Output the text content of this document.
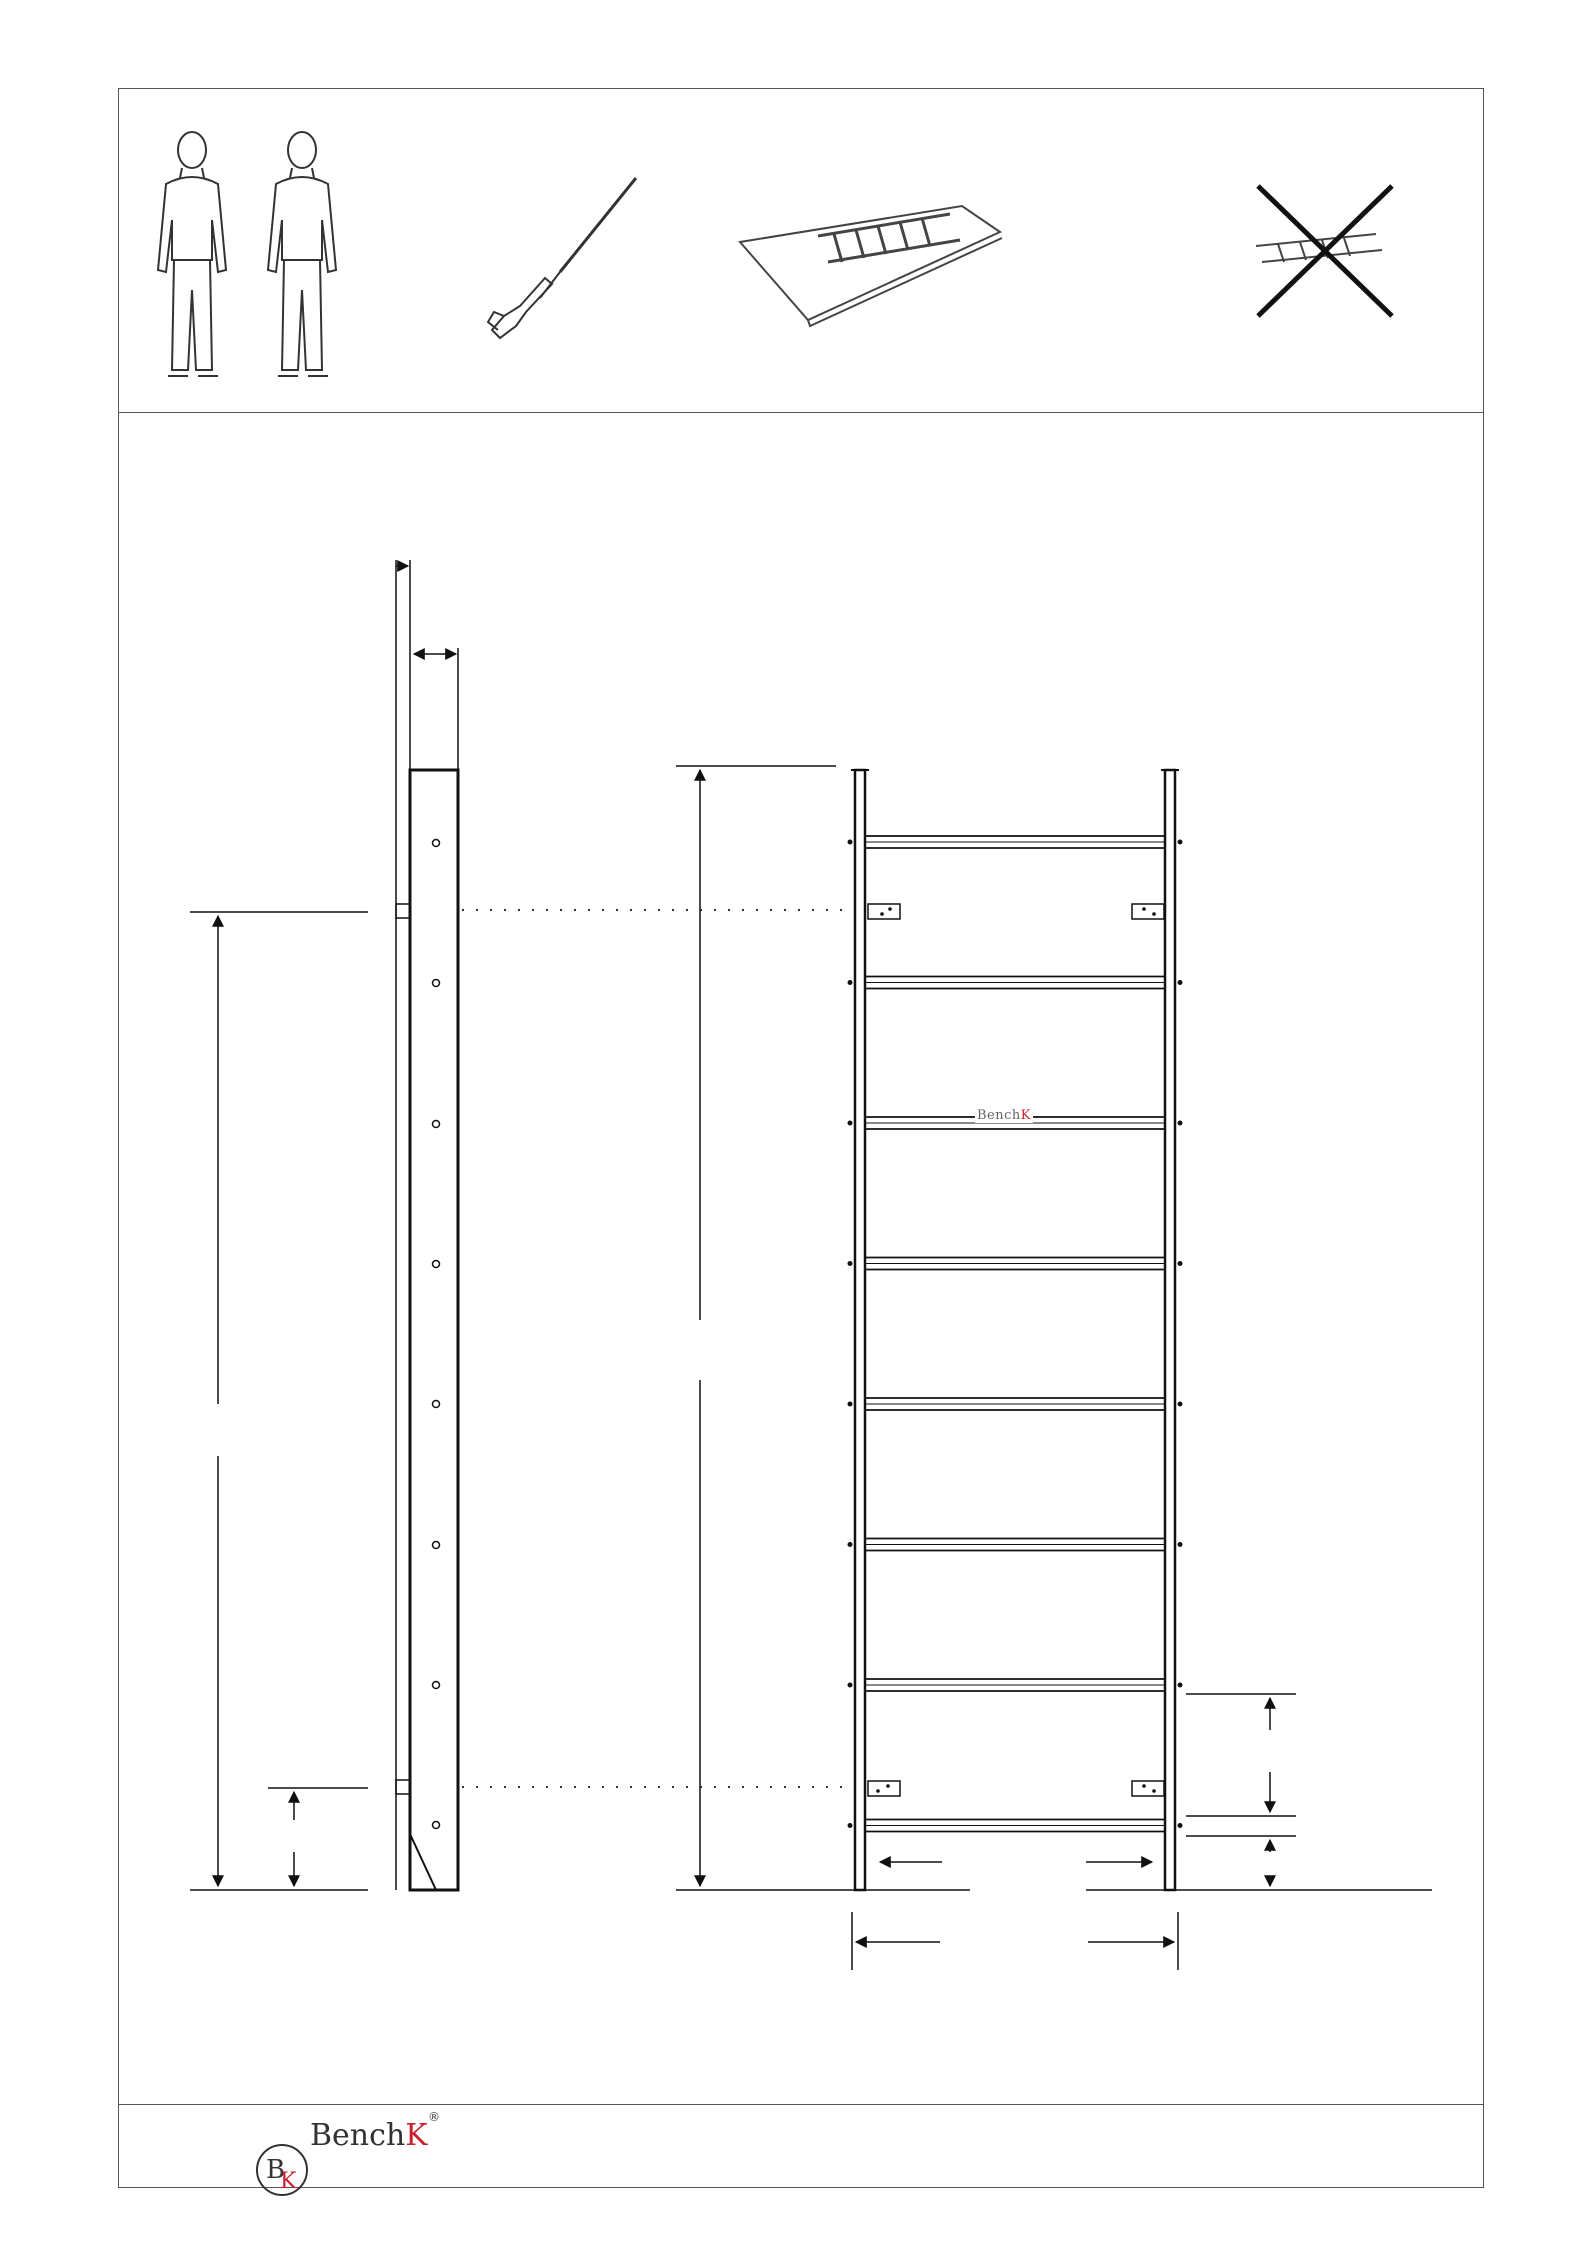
B
K
BenchK
BenchK
®
